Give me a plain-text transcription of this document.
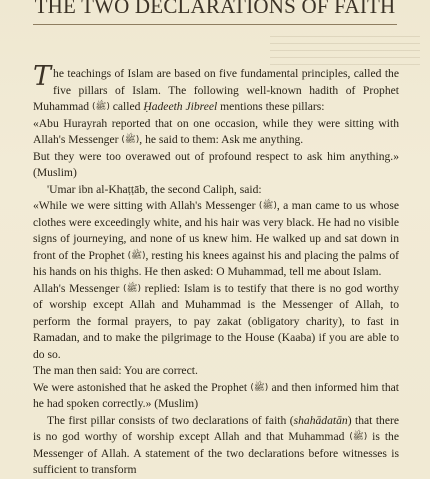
THE TWO DECLARATIONS OF FAITH

The teachings of Islam are based on five fundamental principles, called the five pillars of Islam. The following well-known hadith of Prophet Muhammad (ﷺ) called Ḥadeeth Jibreel mentions these pillars:

«Abu Hurayrah reported that on one occasion, while they were sitting with Allah's Messenger (ﷺ), he said to them: Ask me anything.

But they were too overawed out of profound respect to ask him anything.» (Muslim)

'Umar ibn al-Khaṭṭāb, the second Caliph, said:

«While we were sitting with Allah's Messenger (ﷺ), a man came to us whose clothes were exceedingly white, and his hair was very black. He had no visible signs of journeying, and none of us knew him. He walked up and sat down in front of the Prophet (ﷺ), resting his knees against his and placing the palms of his hands on his thighs. He then asked: O Muhammad, tell me about Islam.

Allah's Messenger (ﷺ) replied: Islam is to testify that there is no god worthy of worship except Allah and Muhammad is the Messenger of Allah, to perform the formal prayers, to pay zakat (obligatory charity), to fast in Ramadan, and to make the pilgrimage to the House (Kaaba) if you are able to do so.

The man then said: You are correct.

We were astonished that he asked the Prophet (ﷺ) and then informed him that he had spoken correctly.» (Muslim)

The first pillar consists of two declarations of faith (shahādatān) that there is no god worthy of worship except Allah and that Muhammad (ﷺ) is the Messenger of Allah. A statement of the two declarations before witnesses is sufficient to transform
